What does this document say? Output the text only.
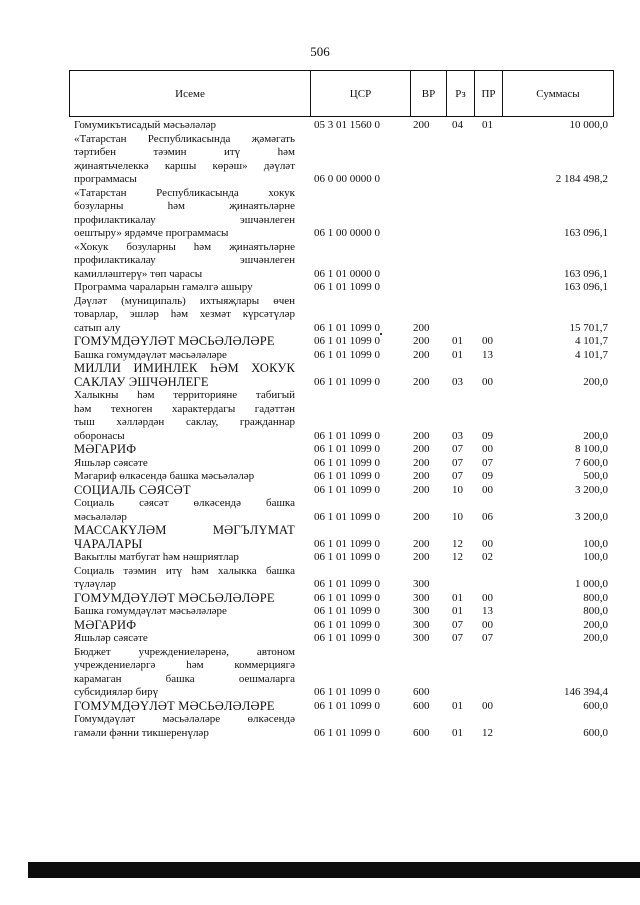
506
Исеме	ЦСР	ВР	Рз	ПР	Суммасы
Гомумикътисадый мәсьәләләр	05 3 01 1560 0	200 04 01	10 000,0
«Татарстан Республикасында җәмәгать
тәртибен тәэмин итү һәм
җинаятьчелеккә каршы көрәш» дәүләт
программасы	06 0 00 0000 0	2 184 498,2
«Татарстан Республикасында хокук
бозуларны һәм җинаятьләрне
профилактикалау эшчәнлеген
оештыру» ярдәмче программасы	06 1 00 0000 0	163 096,1
«Хокук бозуларны һәм җинаятьләрне
профилактикалау эшчәнлеген
камилләштерү» төп чарасы	06 1 01 0000 0	163 096,1
Программа чараларын гамәлгә ашыру	06 1 01 1099 0	163 096,1
Дәүләт (муниципаль) ихтыяҗлары өчен
товарлар, эшләр һәм хезмәт күрсәтүләр
сатып алу	06 1 01 1099 0	200	15 701,7
ГОМУМДӘҮЛӘТ МӘСЬӘЛӘЛӘРЕ	06 1 01 1099 0	200 01 00	4 101,7
Башка гомумдәүләт мәсьәләләре	06 1 01 1099 0	200 01 13	4 101,7
МИЛЛИ ИМИНЛЕК ҺӘМ ХОКУК
САКЛАУ ЭШЧӘНЛЕГЕ	06 1 01 1099 0	200 03 00	200,0
Халыкны һәм территорияне табигый
һәм техноген характердагы гадәттән
тыш хәлләрдән саклау, гражданнар
оборонасы	06 1 01 1099 0	200 03 09	200,0
МӘГАРИФ	06 1 01 1099 0	200 07 00	8 100,0
Яшьләр сәясәте	06 1 01 1099 0	200 07 07	7 600,0
Мәгариф өлкәсендә башка мәсьәләләр	06 1 01 1099 0	200 07 09	500,0
СОЦИАЛЬ СӘЯСӘТ	06 1 01 1099 0	200 10 00	3 200,0
Социаль сәясәт өлкәсендә башка
мәсьәләләр	06 1 01 1099 0	200 10 06	3 200,0
МАССАКҮЛӘМ МӘГЪЛҮМАТ
ЧАРАЛАРЫ	06 1 01 1099 0	200 12 00	100,0
Вакытлы матбугат һәм нәшриятлар	06 1 01 1099 0	200 12 02	100,0
Социаль тәэмин итү һәм халыкка башка
түләүләр	06 1 01 1099 0	300	1 000,0
ГОМУМДӘҮЛӘТ МӘСЬӘЛӘЛӘРЕ	06 1 01 1099 0	300 01 00	800,0
Башка гомумдәүләт мәсьәләләре	06 1 01 1099 0	300 01 13	800,0
МӘГАРИФ	06 1 01 1099 0	300 07 00	200,0
Яшьләр сәясәте	06 1 01 1099 0	300 07 07	200,0
Бюджет учреждениеләренә, автоном
учреждениеләргә һәм коммерциягә
карамаган башка оешмаларга
субсидияләр бирү	06 1 01 1099 0	600	146 394,4
ГОМУМДӘҮЛӘТ МӘСЬӘЛӘЛӘРЕ	06 1 01 1099 0	600 01 00	600,0
Гомумдәүләт мәсьәләләре өлкәсендә
гамәли фәнни тикшеренүләр	06 1 01 1099 0	600 01 12	600,0
